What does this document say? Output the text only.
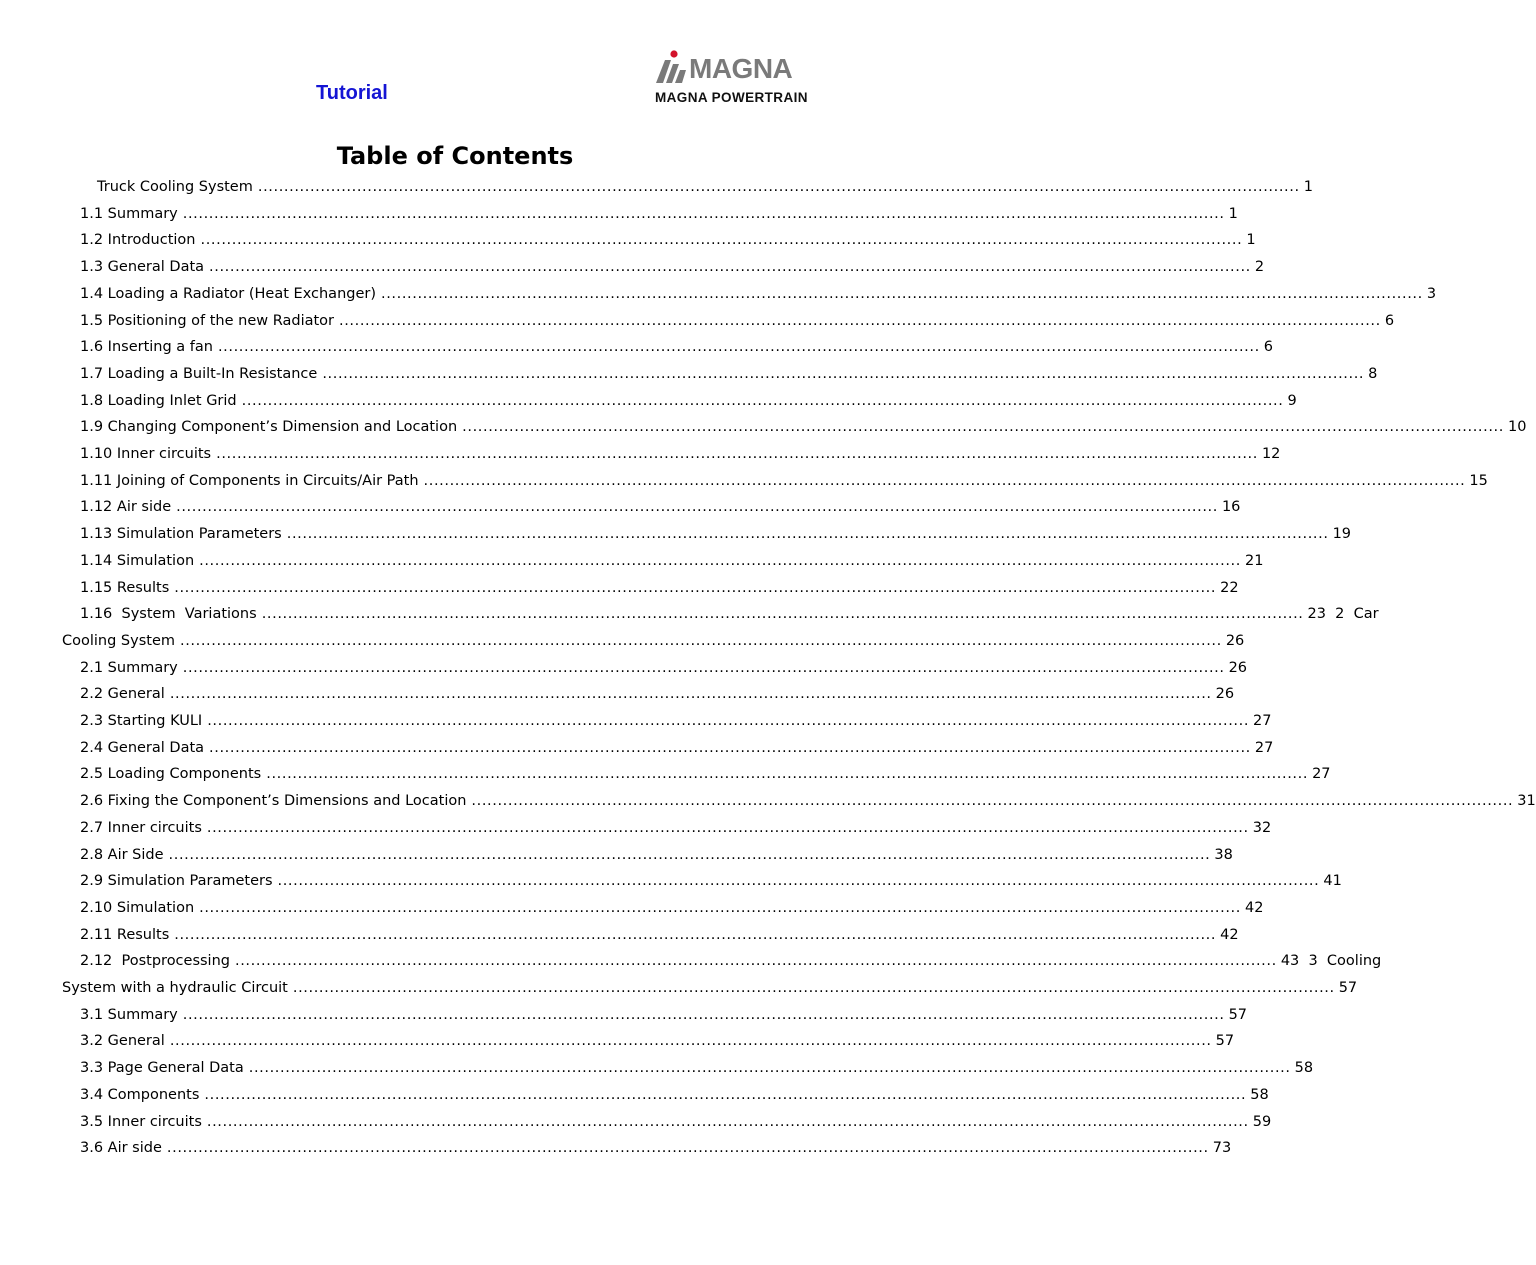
Tutorial
MAGNA
MAGNA POWERTRAIN
Table of Contents
Truck Cooling System ........................................................................................................................................................................................................ 1
1.1 Summary ........................................................................................................................................................................................................ 1
1.2 Introduction ........................................................................................................................................................................................................ 1
1.3 General Data ........................................................................................................................................................................................................ 2
1.4 Loading a Radiator (Heat Exchanger) ........................................................................................................................................................................................................ 3
1.5 Positioning of the new Radiator ........................................................................................................................................................................................................ 6
1.6 Inserting a fan ........................................................................................................................................................................................................ 6
1.7 Loading a Built-In Resistance ........................................................................................................................................................................................................ 8
1.8 Loading Inlet Grid ........................................................................................................................................................................................................ 9
1.9 Changing Component’s Dimension and Location ........................................................................................................................................................................................................ 10
1.10 Inner circuits ........................................................................................................................................................................................................ 12
1.11 Joining of Components in Circuits/Air Path ........................................................................................................................................................................................................ 15
1.12 Air side ........................................................................................................................................................................................................ 16
1.13 Simulation Parameters ........................................................................................................................................................................................................ 19
1.14 Simulation ........................................................................................................................................................................................................ 21
1.15 Results ........................................................................................................................................................................................................ 22
1.16  System  Variations ........................................................................................................................................................................................................ 23  2  Car
Cooling System ........................................................................................................................................................................................................ 26
2.1 Summary ........................................................................................................................................................................................................ 26
2.2 General ........................................................................................................................................................................................................ 26
2.3 Starting KULI ........................................................................................................................................................................................................ 27
2.4 General Data ........................................................................................................................................................................................................ 27
2.5 Loading Components ........................................................................................................................................................................................................ 27
2.6 Fixing the Component’s Dimensions and Location ........................................................................................................................................................................................................ 31
2.7 Inner circuits ........................................................................................................................................................................................................ 32
2.8 Air Side ........................................................................................................................................................................................................ 38
2.9 Simulation Parameters ........................................................................................................................................................................................................ 41
2.10 Simulation ........................................................................................................................................................................................................ 42
2.11 Results ........................................................................................................................................................................................................ 42
2.12  Postprocessing ........................................................................................................................................................................................................ 43  3  Cooling
System with a hydraulic Circuit ........................................................................................................................................................................................................ 57
3.1 Summary ........................................................................................................................................................................................................ 57
3.2 General ........................................................................................................................................................................................................ 57
3.3 Page General Data ........................................................................................................................................................................................................ 58
3.4 Components ........................................................................................................................................................................................................ 58
3.5 Inner circuits ........................................................................................................................................................................................................ 59
3.6 Air side ........................................................................................................................................................................................................ 73
